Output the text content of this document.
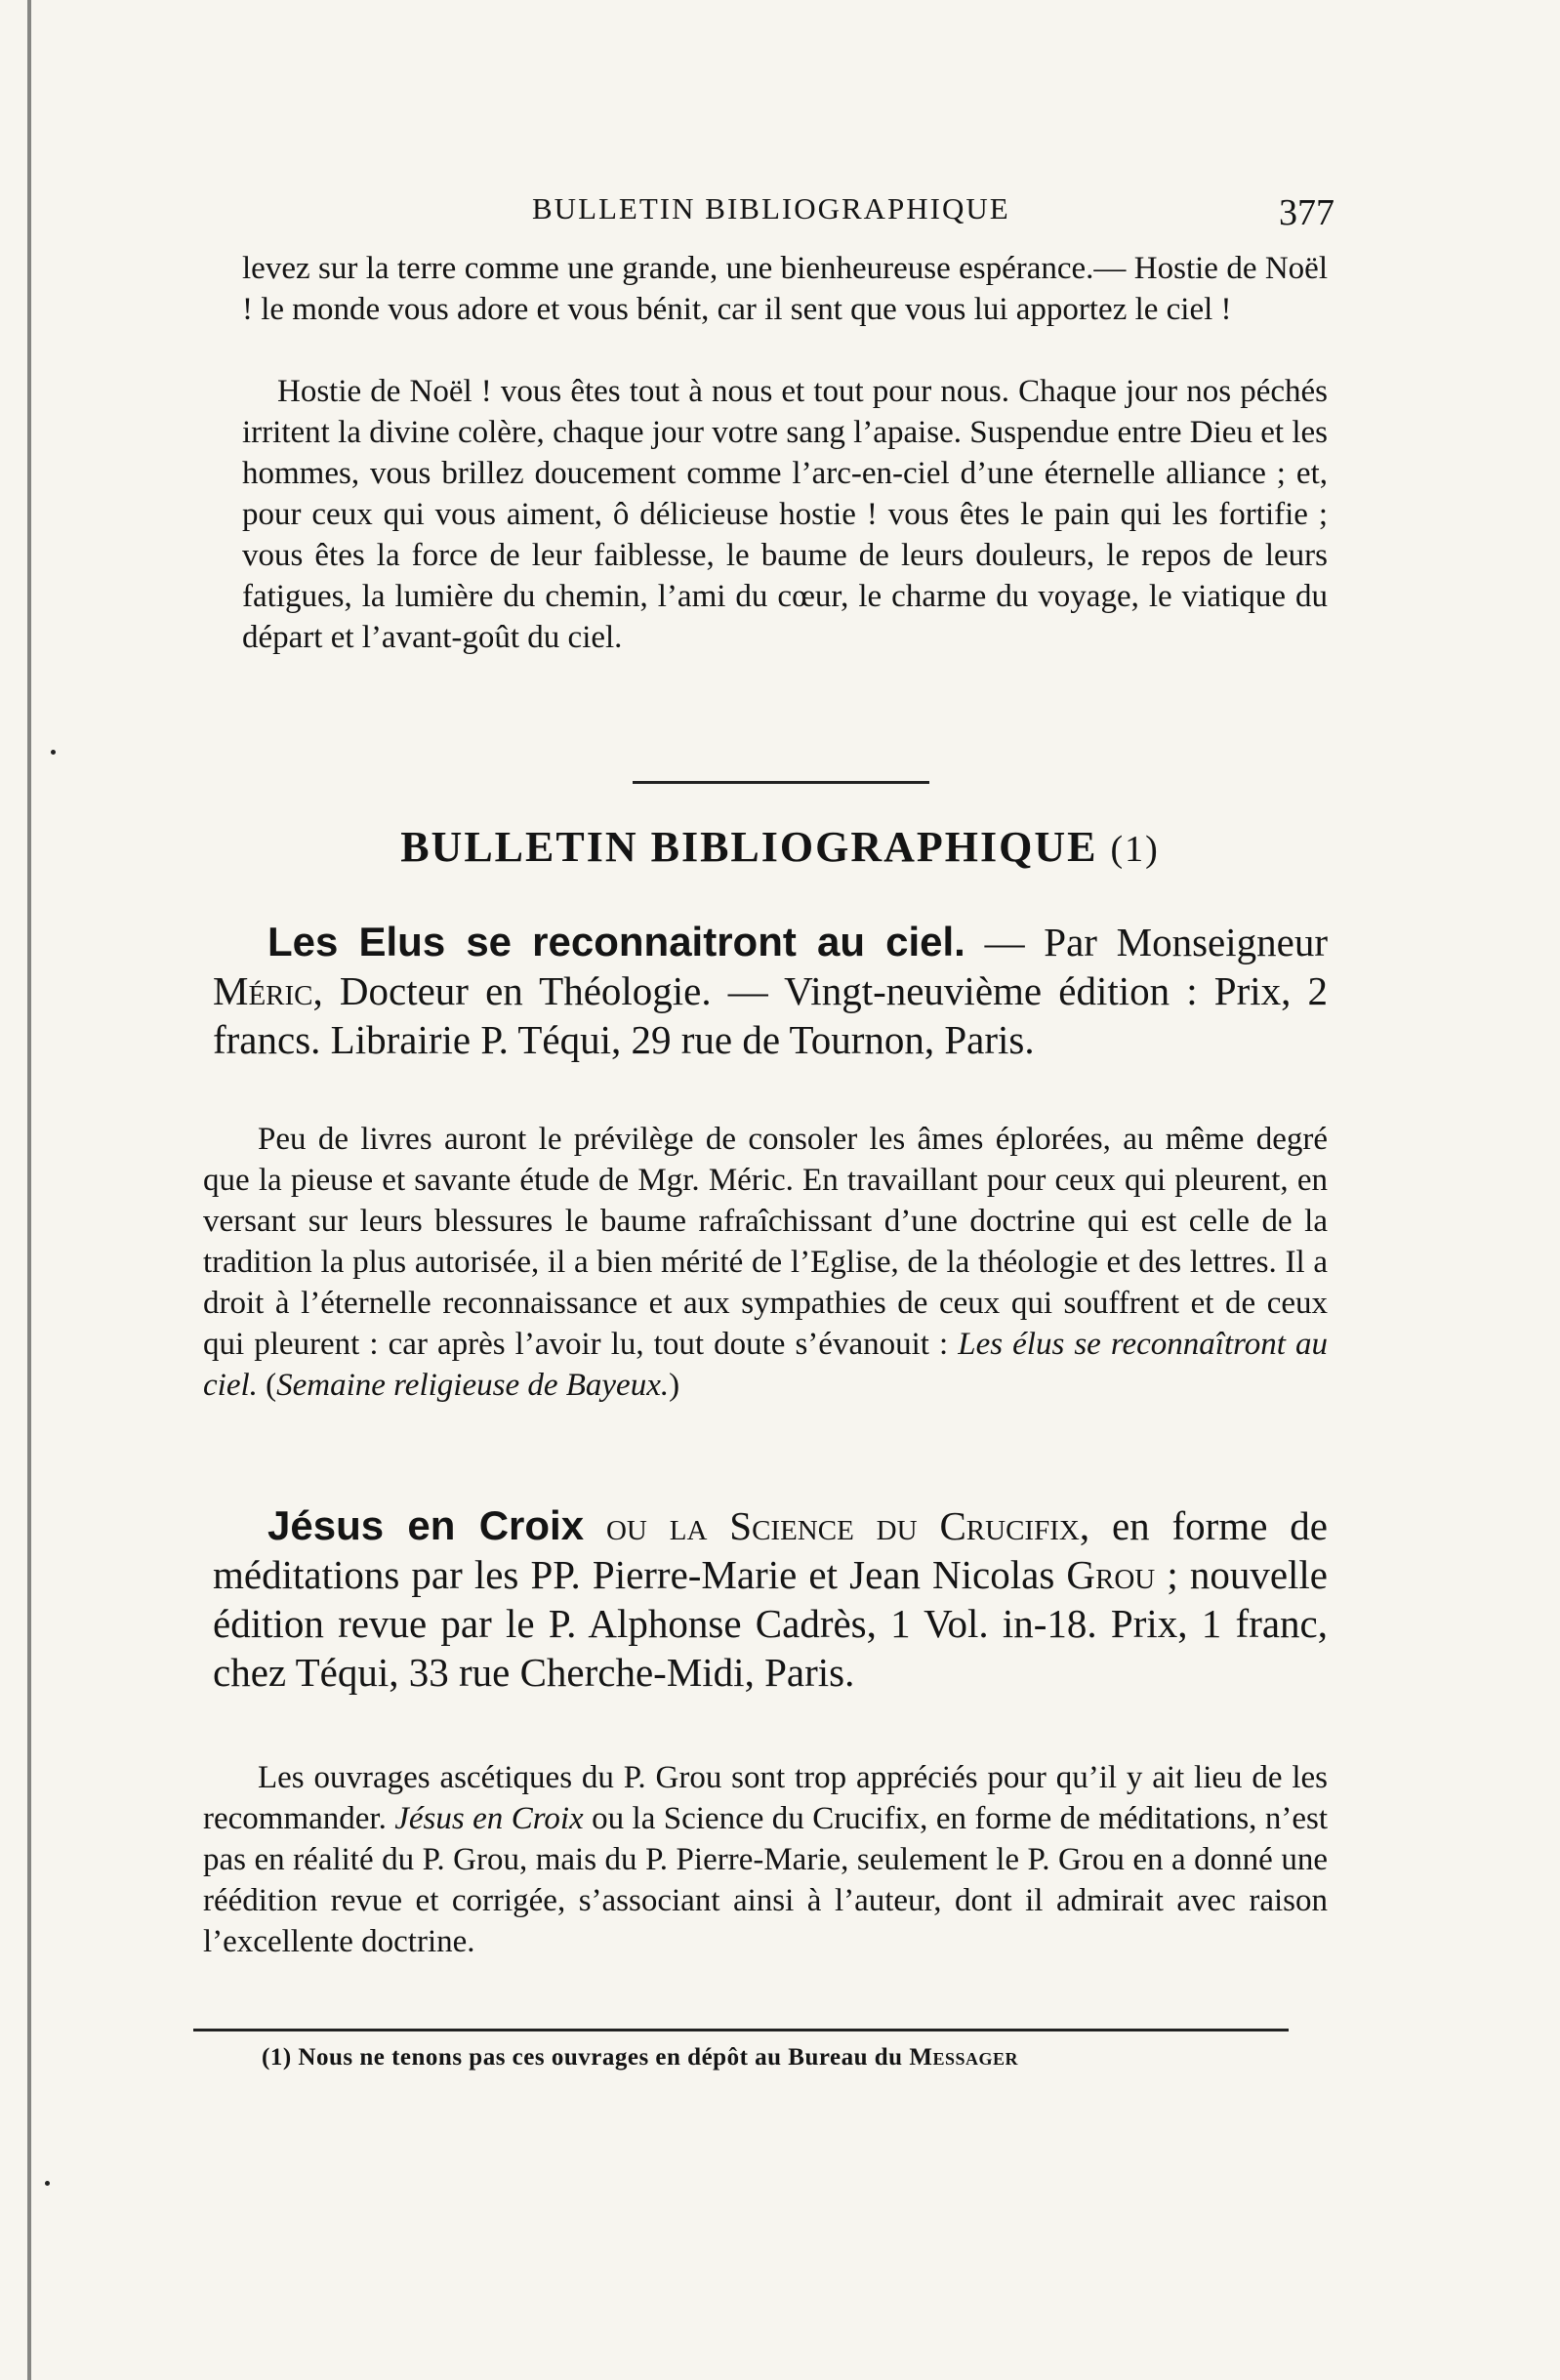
BULLETIN BIBLIOGRAPHIQUE	377
levez sur la terre comme une grande, une bienheureuse espérance.— Hostie de Noël ! le monde vous adore et vous bénit, car il sent que vous lui apportez le ciel !
Hostie de Noël ! vous êtes tout à nous et tout pour nous. Chaque jour nos péchés irritent la divine colère, chaque jour votre sang l’apaise. Suspendue entre Dieu et les hommes, vous brillez doucement comme l’arc-en-ciel d’une éternelle alliance ; et, pour ceux qui vous aiment, ô délicieuse hostie ! vous êtes le pain qui les fortifie ; vous êtes la force de leur faiblesse, le baume de leurs douleurs, le repos de leurs fatigues, la lumière du chemin, l’ami du cœur, le charme du voyage, le viatique du départ et l’avant-goût du ciel.
BULLETIN BIBLIOGRAPHIQUE (1)
Les Elus se reconnaitront au ciel. — Par Monseigneur Méric, Docteur en Théologie. — Vingt-neuvième édition : Prix, 2 francs. Librairie P. Téqui, 29 rue de Tournon, Paris.
Peu de livres auront le prévilège de consoler les âmes éplorées, au même degré que la pieuse et savante étude de Mgr. Méric. En travaillant pour ceux qui pleurent, en versant sur leurs blessures le baume rafraîchissant d’une doctrine qui est celle de la tradition la plus autorisée, il a bien mérité de l’Eglise, de la théologie et des lettres. Il a droit à l’éternelle reconnaissance et aux sympathies de ceux qui souffrent et de ceux qui pleurent : car après l’avoir lu, tout doute s’évanouit : Les élus se reconnaîtront au ciel. (Semaine religieuse de Bayeux.)
Jésus en Croix ou la Science du Crucifix, en forme de méditations par les PP. Pierre-Marie et Jean Nicolas Grou ; nouvelle édition revue par le P. Alphonse Cadrès, 1 Vol. in-18. Prix, 1 franc, chez Téqui, 33 rue Cherche-Midi, Paris.
Les ouvrages ascétiques du P. Grou sont trop appréciés pour qu’il y ait lieu de les recommander. Jésus en Croix ou la Science du Crucifix, en forme de méditations, n’est pas en réalité du P. Grou, mais du P. Pierre-Marie, seulement le P. Grou en a donné une réédition revue et corrigée, s’associant ainsi à l’auteur, dont il admirait avec raison l’excellente doctrine.
(1) Nous ne tenons pas ces ouvrages en dépôt au Bureau du Messager
